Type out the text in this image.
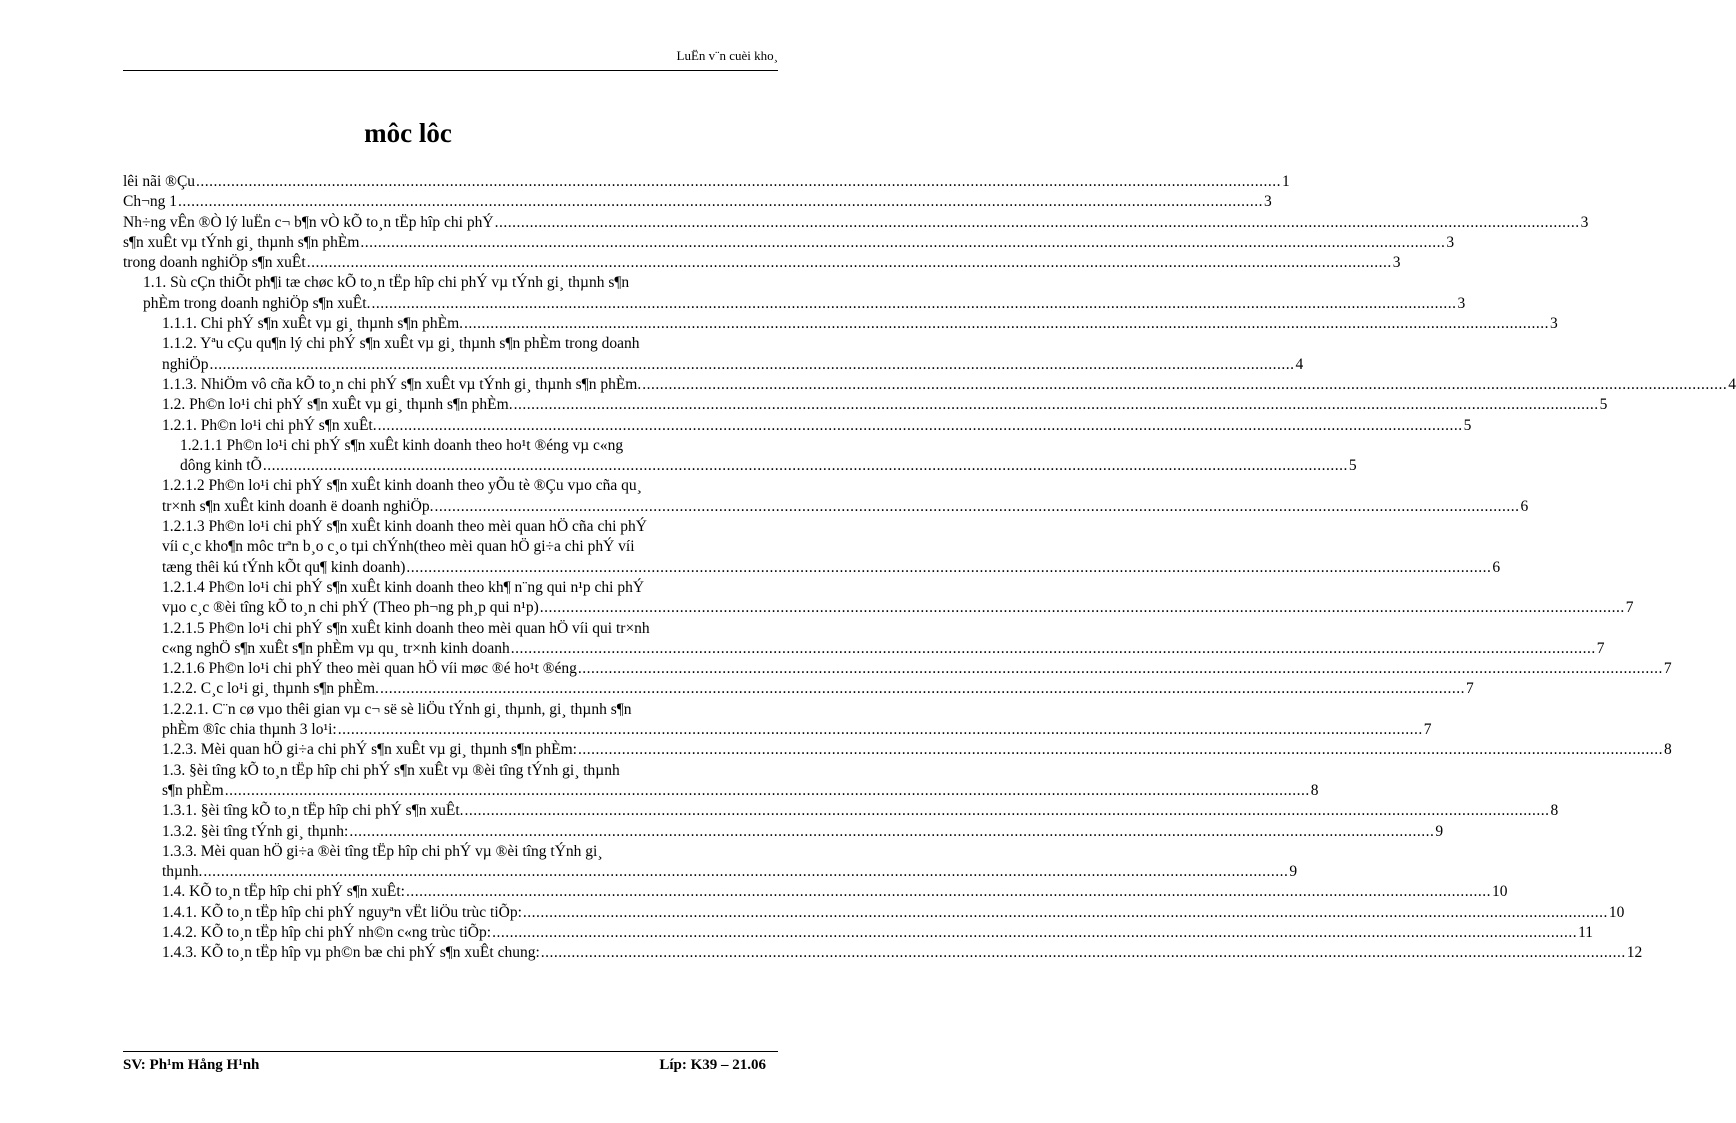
LuËn v¨n cuèi kho¸
môc lôc
lêi nãi ®Çu .....	1
Ch¬ng 1 .....	3
Nh÷ng vÊn ®Ò lý luËn c¬ b¶n vÒ kÕ to¸n tËp hîp chi phÝ .....	3
s¶n xuÊt vµ tÝnh gi¸ thµnh s¶n phÈm .....	3
trong doanh nghiÖp s¶n xuÊt .....	3
1.1. Sù cÇn thiÕt ph¶i tæ chøc kÕ to¸n tËp hîp chi phÝ vµ tÝnh gi¸ thµnh s¶n
phÈm trong doanh nghiÖp s¶n xuÊt. .....	3
1.1.1. Chi phÝ s¶n xuÊt vµ gi¸ thµnh s¶n phÈm. .....	3
1.1.2. Yªu cÇu qu¶n lý chi phÝ s¶n xuÊt vµ gi¸ thµnh s¶n phÈm trong doanh
nghiÖp .....	4
1.1.3. NhiÖm vô cña kÕ to¸n chi phÝ s¶n xuÊt vµ tÝnh gi¸ thµnh s¶n phÈm. .....	4
1.2. Ph©n lo¹i chi phÝ s¶n xuÊt vµ gi¸ thµnh s¶n phÈm. .....	5
1.2.1. Ph©n lo¹i chi phÝ s¶n xuÊt. .....	5
1.2.1.1 Ph©n lo¹i chi phÝ s¶n xuÊt kinh doanh theo ho¹t ®éng vµ c«ng
dông kinh tÕ .....	5
1.2.1.2 Ph©n lo¹i chi phÝ s¶n xuÊt kinh doanh theo yÕu tè ®Çu vµo cña qu¸
tr×nh s¶n xuÊt kinh doanh ë doanh nghiÖp. .....	6
1.2.1.3 Ph©n lo¹i chi phÝ s¶n xuÊt kinh doanh theo mèi quan hÖ cña chi phÝ
víi c¸c kho¶n môc trªn b¸o c¸o tµi chÝnh(theo mèi quan hÖ gi÷a chi phÝ víi
tæng thêi kú tÝnh kÕt qu¶ kinh doanh) .....	6
1.2.1.4 Ph©n lo¹i chi phÝ s¶n xuÊt kinh doanh theo kh¶ n¨ng qui n¹p chi phÝ
vµo c¸c ®èi tîng kÕ to¸n chi phÝ (Theo ph¬ng ph¸p qui n¹p) .....	7
1.2.1.5 Ph©n lo¹i chi phÝ s¶n xuÊt kinh doanh theo mèi quan hÖ víi qui tr×nh
c«ng nghÖ s¶n xuÊt s¶n phÈm vµ qu¸ tr×nh kinh doanh .....	7
1.2.1.6 Ph©n lo¹i chi phÝ theo mèi quan hÖ víi møc ®é ho¹t ®éng .....	7
1.2.2. C¸c lo¹i gi¸ thµnh s¶n phÈm. .....	7
1.2.2.1. C¨n cø vµo thêi gian vµ c¬ së sè liÖu tÝnh gi¸ thµnh, gi¸ thµnh s¶n
phÈm ®îc chia thµnh 3 lo¹i: .....	7
1.2.3. Mèi quan hÖ gi÷a chi phÝ s¶n xuÊt vµ gi¸ thµnh s¶n phÈm: .....	8
1.3. §èi tîng kÕ to¸n tËp hîp chi phÝ s¶n xuÊt vµ ®èi tîng tÝnh gi¸ thµnh
s¶n phÈm .....	8
1.3.1. §èi tîng kÕ to¸n tËp hîp chi phÝ s¶n xuÊt. .....	8
1.3.2. §èi tîng tÝnh gi¸ thµnh: .....	9
1.3.3. Mèi quan hÖ gi÷a ®èi tîng tËp hîp chi phÝ vµ ®èi tîng tÝnh gi¸
thµnh. .....	9
1.4. KÕ to¸n tËp hîp chi phÝ s¶n xuÊt: .....	10
1.4.1. KÕ to¸n tËp hîp chi phÝ nguyªn vËt liÖu trùc tiÕp: .....	10
1.4.2. KÕ to¸n tËp hîp chi phÝ nh©n c«ng trùc tiÕp: .....	11
1.4.3. KÕ to¸n tËp hîp vµ ph©n bæ chi phÝ s¶n xuÊt chung: .....	12
SV: Ph¹m Hång H¹nh	Líp: K39 – 21.06
